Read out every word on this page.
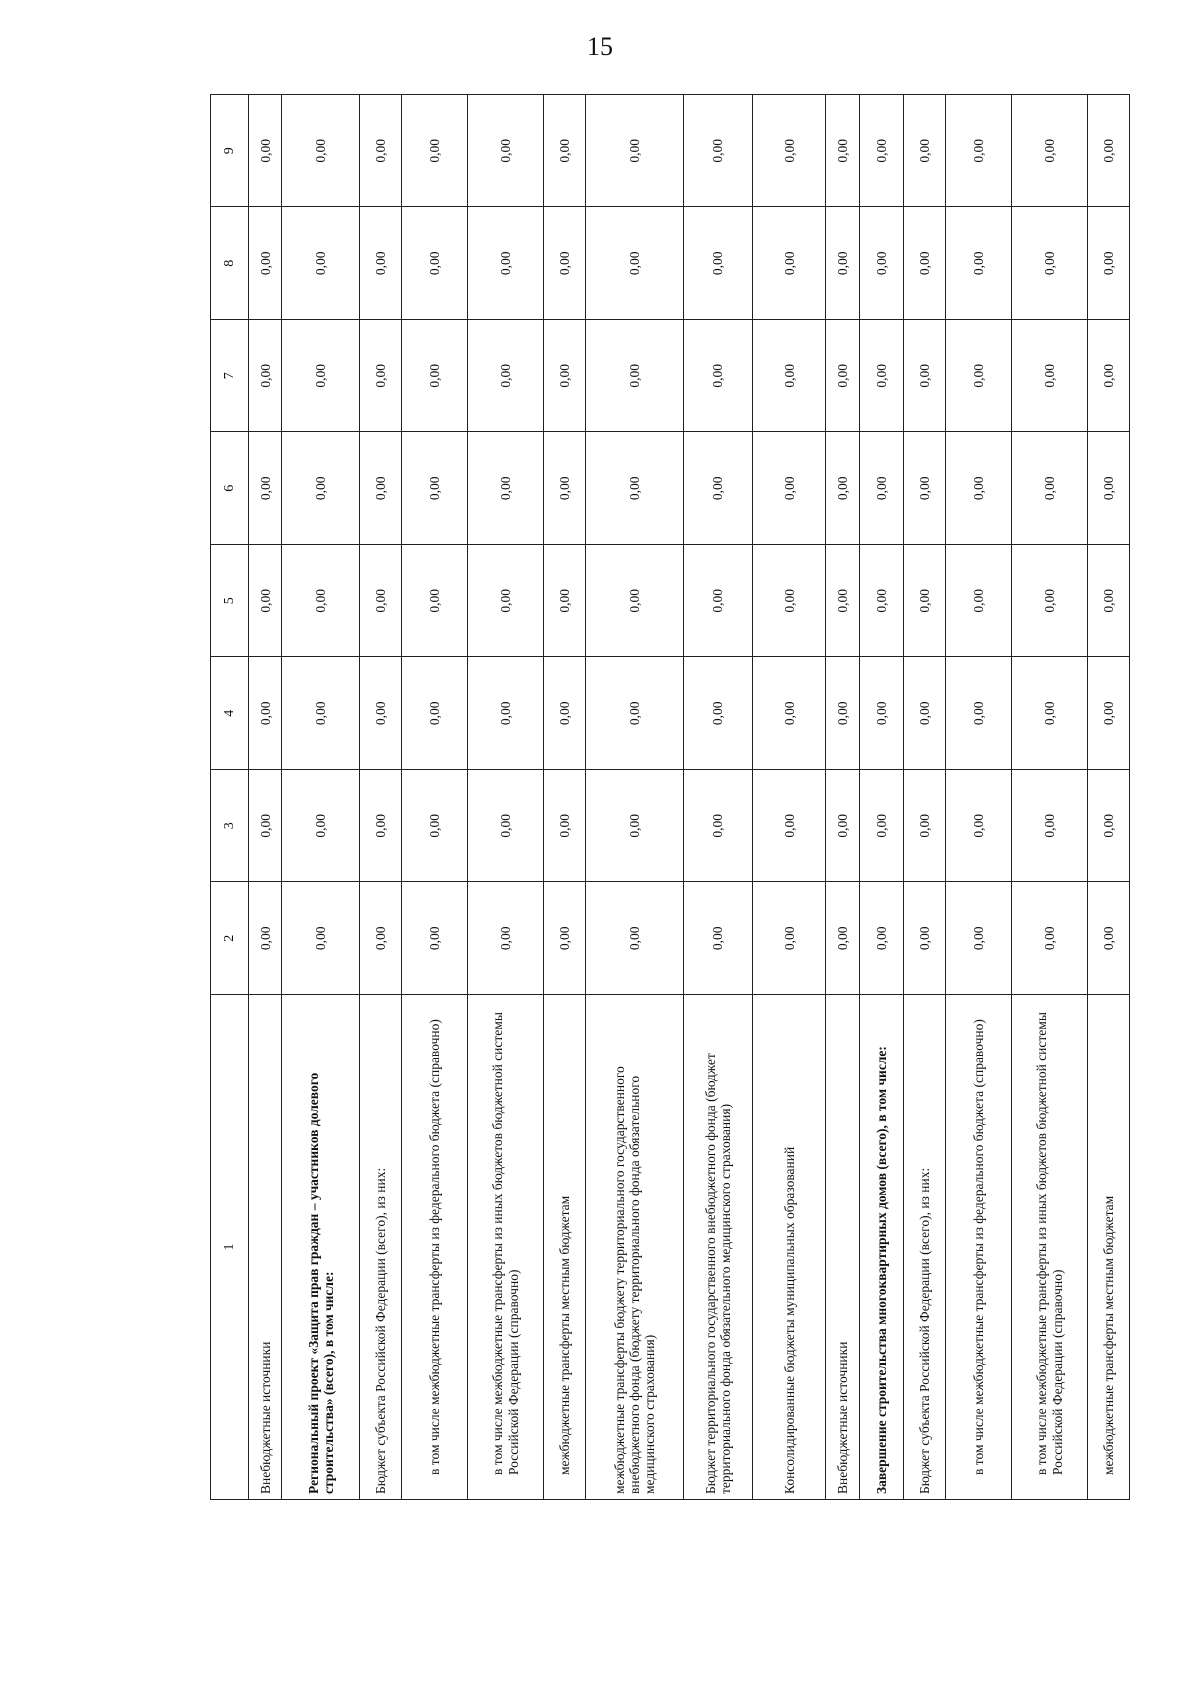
15
1	2	3	4	5	6	7	8	9
Внебюджетные источники	0,00	0,00	0,00	0,00	0,00	0,00	0,00	0,00
Региональный проект «Защита прав граждан – участников долевого строительства» (всего), в том числе:	0,00	0,00	0,00	0,00	0,00	0,00	0,00	0,00
Бюджет субъекта Российской Федерации (всего), из них:	0,00	0,00	0,00	0,00	0,00	0,00	0,00	0,00
в том числе межбюджетные трансферты из федерального бюджета (справочно)	0,00	0,00	0,00	0,00	0,00	0,00	0,00	0,00
в том числе межбюджетные трансферты из иных бюджетов бюджетной системы Российской Федерации (справочно)	0,00	0,00	0,00	0,00	0,00	0,00	0,00	0,00
межбюджетные трансферты местным бюджетам	0,00	0,00	0,00	0,00	0,00	0,00	0,00	0,00
межбюджетные трансферты бюджету территориального государственного внебюджетного фонда (бюджету территориального фонда обязательного медицинского страхования)	0,00	0,00	0,00	0,00	0,00	0,00	0,00	0,00
Бюджет территориального государственного внебюджетного фонда (бюджет территориального фонда обязательного медицинского страхования)	0,00	0,00	0,00	0,00	0,00	0,00	0,00	0,00
Консолидированные бюджеты муниципальных образований	0,00	0,00	0,00	0,00	0,00	0,00	0,00	0,00
Внебюджетные источники	0,00	0,00	0,00	0,00	0,00	0,00	0,00	0,00
Завершение строительства многоквартирных домов (всего), в том числе:	0,00	0,00	0,00	0,00	0,00	0,00	0,00	0,00
Бюджет субъекта Российской Федерации (всего), из них:	0,00	0,00	0,00	0,00	0,00	0,00	0,00	0,00
в том числе межбюджетные трансферты из федерального бюджета (справочно)	0,00	0,00	0,00	0,00	0,00	0,00	0,00	0,00
в том числе межбюджетные трансферты из иных бюджетов бюджетной системы Российской Федерации (справочно)	0,00	0,00	0,00	0,00	0,00	0,00	0,00	0,00
межбюджетные трансферты местным бюджетам	0,00	0,00	0,00	0,00	0,00	0,00	0,00	0,00
